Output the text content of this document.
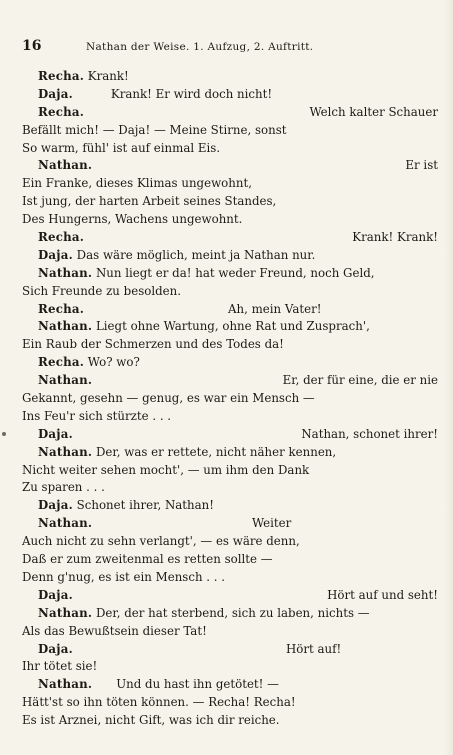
16	Nathan der Weise. 1. Aufzug, 2. Auftritt.
Recha. Krank!
Daja.	Krank! Er wird doch nicht!
Recha.	Welch kalter Schauer
Befällt mich! — Daja! — Meine Stirne, sonst
So warm, fühl' ist auf einmal Eis.
Nathan.	Er ist
Ein Franke, dieses Klimas ungewohnt,
Ist jung, der harten Arbeit seines Standes,
Des Hungerns, Wachens ungewohnt.
Recha.	Krank! Krank!
Daja. Das wäre möglich, meint ja Nathan nur.
Nathan. Nun liegt er da! hat weder Freund, noch Geld,
Sich Freunde zu besolden.
Recha.	Ah, mein Vater!
Nathan. Liegt ohne Wartung, ohne Rat und Zusprach',
Ein Raub der Schmerzen und des Todes da!
Recha. Wo? wo?
Nathan.	Er, der für eine, die er nie
Gekannt, gesehn — genug, es war ein Mensch —
Ins Feu'r sich stürzte . . .
Daja.	Nathan, schonet ihrer!
Nathan. Der, was er rettete, nicht näher kennen,
Nicht weiter sehen mocht', — um ihm den Dank
Zu sparen . . .
Daja. Schonet ihrer, Nathan!
Nathan.	Weiter
Auch nicht zu sehn verlangt', — es wäre denn,
Daß er zum zweitenmal es retten sollte —
Denn g'nug, es ist ein Mensch . . .
Daja.	Hört auf und seht!
Nathan. Der, der hat sterbend, sich zu laben, nichts —
Als das Bewußtsein dieser Tat!
Daja.	Hört auf!
Ihr tötet sie!
Nathan. Und du hast ihn getötet! —
Hätt'st so ihn töten können. — Recha! Recha!
Es ist Arznei, nicht Gift, was ich dir reiche.
